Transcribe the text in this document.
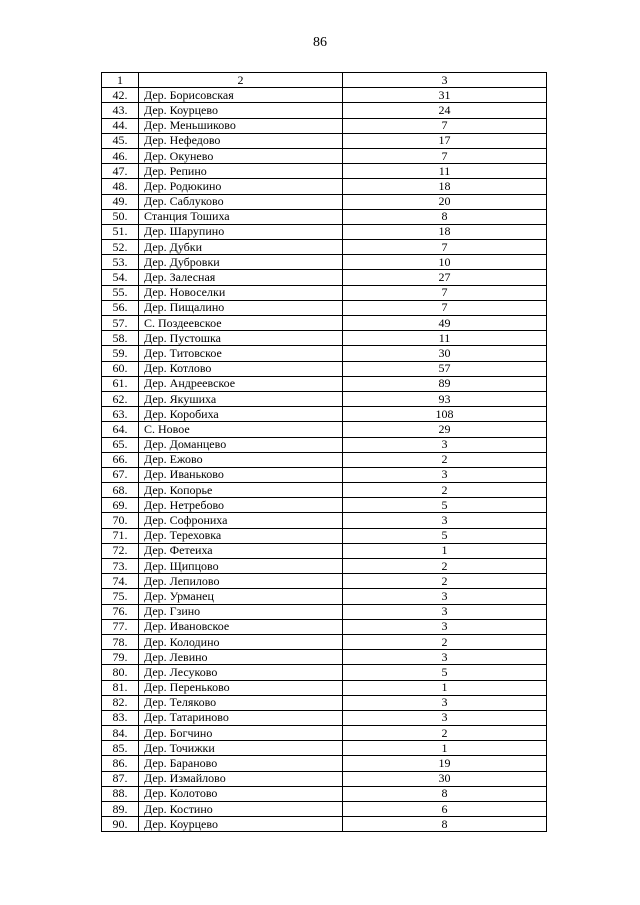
86
1	2	3
42.	Дер. Борисовская	31
43.	Дер. Коурцево	24
44.	Дер. Меньшиково	7
45.	Дер. Нефедово	17
46.	Дер. Окунево	7
47.	Дер. Репино	11
48.	Дер. Родюкино	18
49.	Дер. Саблуково	20
50.	Станция Тошиха	8
51.	Дер. Шарупино	18
52.	Дер. Дубки	7
53.	Дер. Дубровки	10
54.	Дер. Залесная	27
55.	Дер. Новоселки	7
56.	Дер. Пищалино	7
57.	С. Поздеевское	49
58.	Дер. Пустошка	11
59.	Дер. Титовское	30
60.	Дер. Котлово	57
61.	Дер. Андреевское	89
62.	Дер. Якушиха	93
63.	Дер. Коробиха	108
64.	С. Новое	29
65.	Дер. Доманцево	3
66.	Дер. Ежово	2
67.	Дер. Иваньково	3
68.	Дер. Копорье	2
69.	Дер. Нетребово	5
70.	Дер. Софрониха	3
71.	Дер. Тереховка	5
72.	Дер. Фетеиха	1
73.	Дер. Щипцово	2
74.	Дер. Лепилово	2
75.	Дер. Урманец	3
76.	Дер. Гзино	3
77.	Дер. Ивановское	3
78.	Дер. Колодино	2
79.	Дер. Левино	3
80.	Дер. Лесуково	5
81.	Дер. Переньково	1
82.	Дер. Теляково	3
83.	Дер. Татариново	3
84.	Дер. Богчино	2
85.	Дер. Точижки	1
86.	Дер. Бараново	19
87.	Дер. Измайлово	30
88.	Дер. Колотово	8
89.	Дер. Костино	6
90.	Дер. Коурцево	8
